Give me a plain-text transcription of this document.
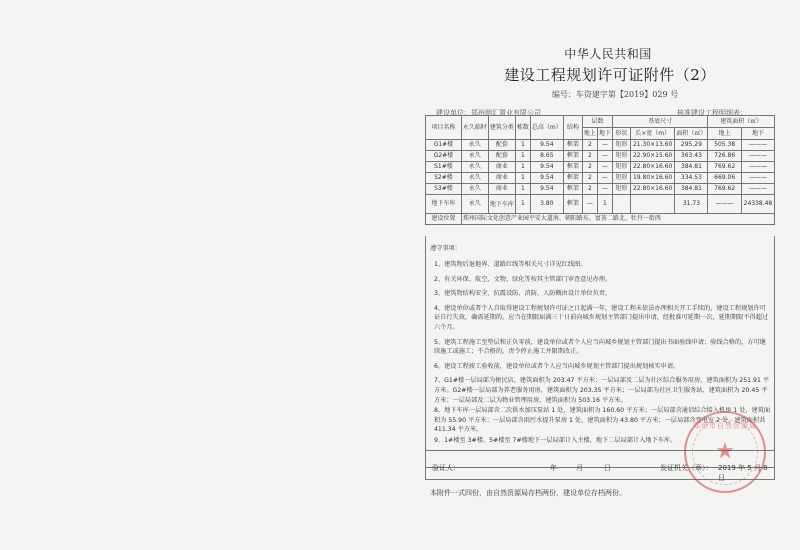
中华人民共和国
建设工程规划许可证附件（2）
编号：车资建字第【2019】029 号
建设单位：郑州朗汇置业有限公司	核准建设工程明细表：
项目名称	永久临时	建筑分类	栋数	总高（m）	结构	层数		基底尺寸			建筑面积（㎡）	
						地上	地下	形状	长×宽（m）	面积（㎡）	地上	地下
G1#楼	永久	配套	1	9.54	框架	2	—	矩形	21.30×13.60	295.29	505.38	———
G2#楼	永久	配套	1	8.65	框架	2	—	矩形	22.90×15.60	363.43	726.86	———
S1#楼	永久	商业	1	9.54	框架	2	—	矩形	22.80×16.60	384.81	769.62	———
S2#楼	永久	商业	1	9.54	框架	2	—	矩形	19.80×16.60	334.53	669.06	———
S3#楼	永久	商业	1	9.54	框架	2	—	矩形	22.80×16.60	384.81	769.62	———
地下车库	永久	地下车库	1	3.80	框架	—	1			31.73	———	24338.48
建设位置	郑州国际文化创意产业园平安大道南、朝阳路东、富荟二路北、牡丹一街西											
遵守事项：
1、建筑物后退地界、道路红线等相关尺寸详见红线图。
2、有关环保、航空、文物、绿化等按其主管部门审查意见办理。
3、建筑物结构安全、抗震设防、消防、人防概由设计单位负责。
4、建设单位或者个人自取得建设工程规划许可证之日起满一年，建设工程未依法办理相关开工手续的，建设工程规划许可证自行失效，确需延期的，应当在期限届满三十日前向城乡规划主管部门提出申请，经批准可延期一次，延期期限不得超过六个月。
5、建筑工程施工至垫层和正负零前，建设单位或者个人应当向城乡规划主管部门提出书面验线申请；验线合格的，方可继续施工或施工；不合格的，责令停止施工并限期改正。
6、建设工程竣工验收前，建设单位或者个人应当向城乡规划主管部门提出规划核实申请。
7、G1#楼一层局部为便民店，建筑面积为 203.47 平方米；一层局部及二层为社区综合服务用房，建筑面积为 251.91 平方米。G2#楼一层局部为养老服务用房，建筑面积为 203.35 平方米；一层局部为社区卫生服务站，建筑面积为 20.45 平方米；一层局部及二层为物业管理用房，建筑面积为 503.16 平方米。
8、地下车库一层局部含二次供水加压泵站 1 处，建筑面积为 160.60 平方米；一层局部含通信综合接入机房 1 处，建筑面积为 55.90 平方米；一层局部含雨污水提升泵房 1 处，建筑面积为 43.80 平方米；一层局部含变电室 2 处，建筑面积共 411.34 平方米。
9、1#楼至 3#楼、5#楼至 7#楼地下一层局部计入主楼，地下二层局部计入地下车库。
验证人：	年	月	日	发证机关（章）： 2019 年 5 月 8 日
本附件一式四份，由自然资源局存档两份，建设单位存档两份。
郑州市自然资源局
★
